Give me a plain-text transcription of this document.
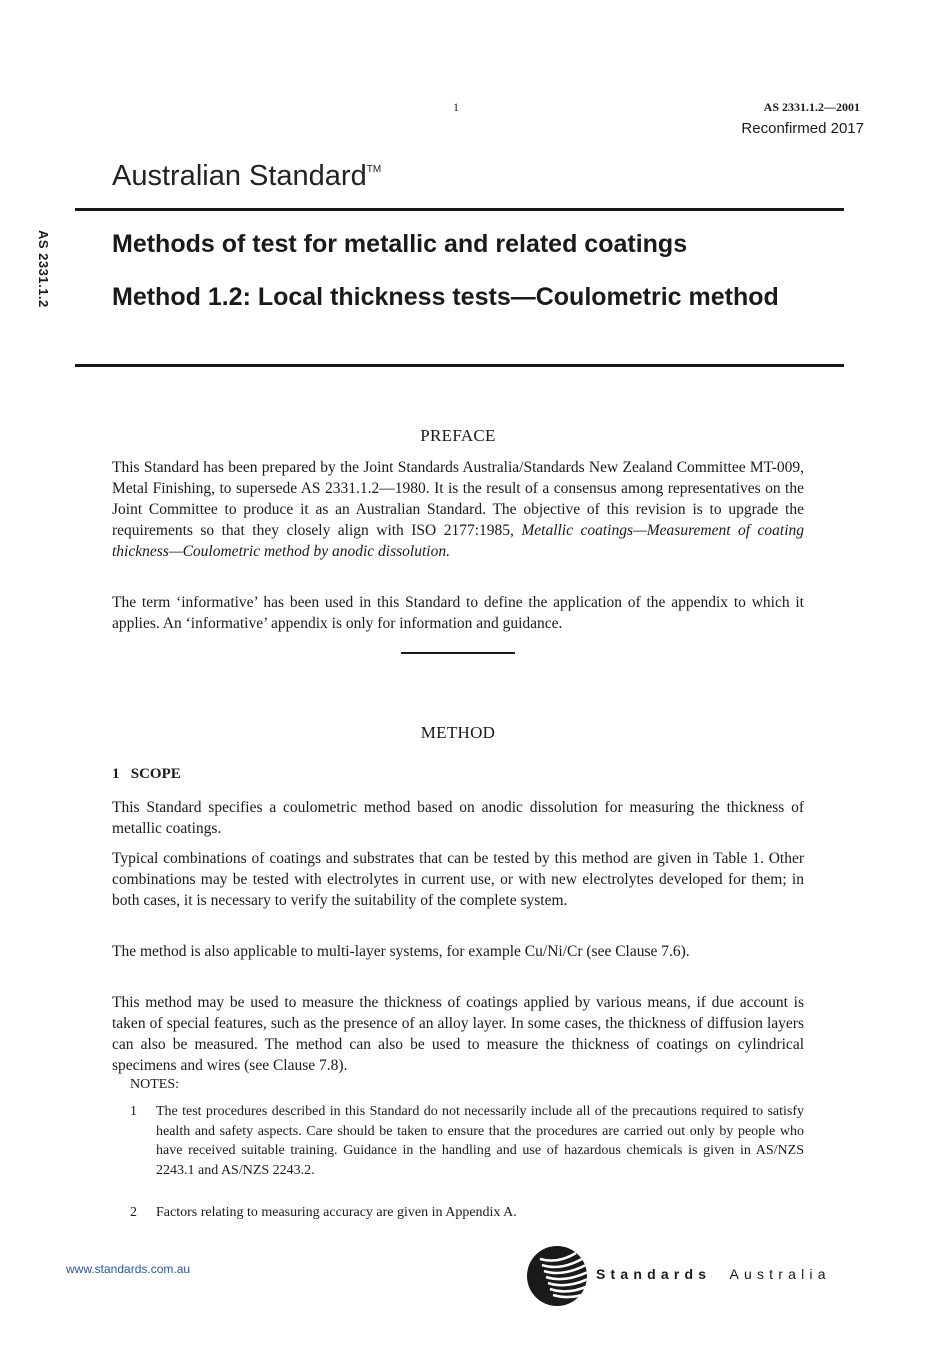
1	AS 2331.1.2—2001
Reconfirmed 2017
Australian Standard™
AS 2331.1.2 Methods of test for metallic and related coatings
Method 1.2: Local thickness tests—Coulometric method
PREFACE
This Standard has been prepared by the Joint Standards Australia/Standards New Zealand Committee MT-009, Metal Finishing, to supersede AS 2331.1.2—1980. It is the result of a consensus among representatives on the Joint Committee to produce it as an Australian Standard. The objective of this revision is to upgrade the requirements so that they closely align with ISO 2177:1985, Metallic coatings—Measurement of coating thickness—Coulometric method by anodic dissolution.
The term ‘informative’ has been used in this Standard to define the application of the appendix to which it applies. An ‘informative’ appendix is only for information and guidance.
METHOD
1 SCOPE
This Standard specifies a coulometric method based on anodic dissolution for measuring the thickness of metallic coatings.
Typical combinations of coatings and substrates that can be tested by this method are given in Table 1. Other combinations may be tested with electrolytes in current use, or with new electrolytes developed for them; in both cases, it is necessary to verify the suitability of the complete system.
The method is also applicable to multi-layer systems, for example Cu/Ni/Cr (see Clause 7.6).
This method may be used to measure the thickness of coatings applied by various means, if due account is taken of special features, such as the presence of an alloy layer. In some cases, the thickness of diffusion layers can also be measured. The method can also be used to measure the thickness of coatings on cylindrical specimens and wires (see Clause 7.8).
NOTES:
1	The test procedures described in this Standard do not necessarily include all of the precautions required to satisfy health and safety aspects. Care should be taken to ensure that the procedures are carried out only by people who have received suitable training. Guidance in the handling and use of hazardous chemicals is given in AS/NZS 2243.1 and AS/NZS 2243.2.
2	Factors relating to measuring accuracy are given in Appendix A.
www.standards.com.au	Standards Australia
